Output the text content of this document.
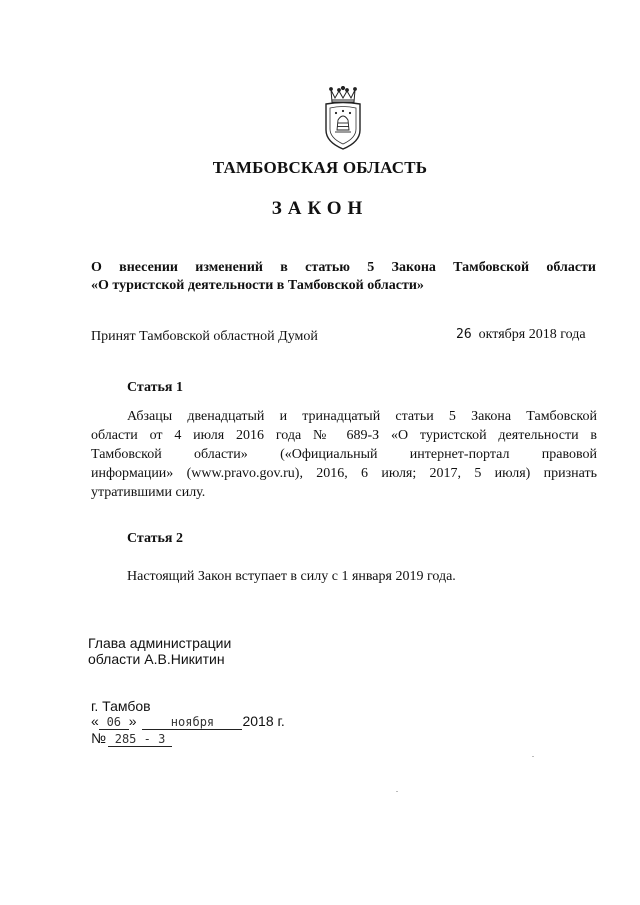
ТАМБОВСКАЯ ОБЛАСТЬ
ЗАКОН
О внесении изменений в статью 5 Закона Тамбовской области
«О туристской деятельности в Тамбовской области»
Принят Тамбовской областной Думой	26 октября 2018 года
Статья 1
Абзацы двенадцатый и тринадцатый статьи 5 Закона Тамбовской
области от 4 июля 2016 года № 689-З «О туристской деятельности в
Тамбовской области» («Официальный интернет-портал правовой
информации» (www.pravo.gov.ru), 2016, 6 июля; 2017, 5 июля) признать
утратившими силу.
Статья 2
Настоящий Закон вступает в силу с 1 января 2019 года.
Глава администрации
области А.В.Никитин
г. Тамбов
« 06 »	ноября 2018 г.
№ 285 - З
